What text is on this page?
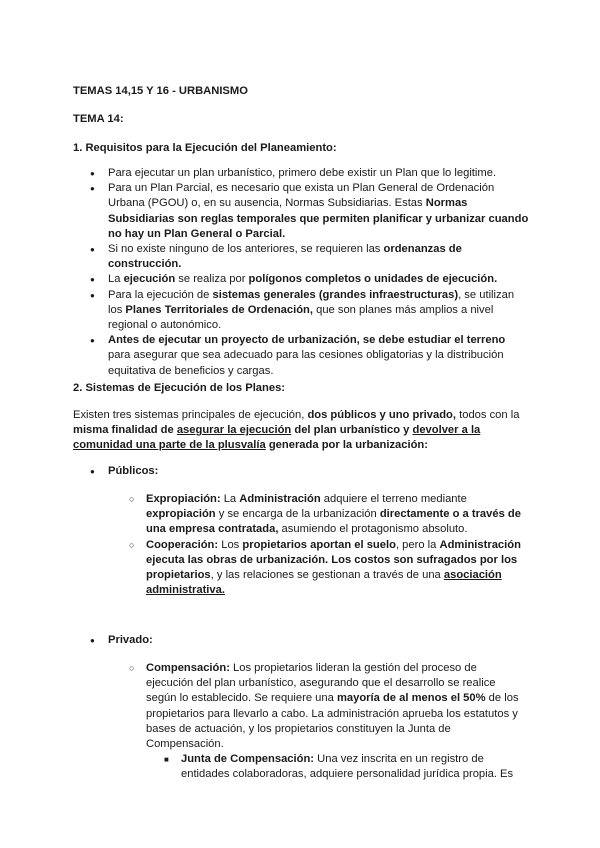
TEMAS 14,15 Y 16 - URBANISMO
TEMA 14:
1. Requisitos para la Ejecución del Planeamiento:
● Para ejecutar un plan urbanístico, primero debe existir un Plan que lo legitime.
● Para un Plan Parcial, es necesario que exista un Plan General de Ordenación Urbana (PGOU) o, en su ausencia, Normas Subsidiarias. Estas Normas Subsidiarias son reglas temporales que permiten planificar y urbanizar cuando no hay un Plan General o Parcial.
● Si no existe ninguno de los anteriores, se requieren las ordenanzas de construcción.
● La ejecución se realiza por polígonos completos o unidades de ejecución.
● Para la ejecución de sistemas generales (grandes infraestructuras), se utilizan los Planes Territoriales de Ordenación, que son planes más amplios a nivel regional o autonómico.
● Antes de ejecutar un proyecto de urbanización, se debe estudiar el terreno para asegurar que sea adecuado para las cesiones obligatorias y la distribución equitativa de beneficios y cargas.
2. Sistemas de Ejecución de los Planes:

Existen tres sistemas principales de ejecución, dos públicos y uno privado, todos con la misma finalidad de asegurar la ejecución del plan urbanístico y devolver a la comunidad una parte de la plusvalía generada por la urbanización:

● Públicos:
○ Expropiación: La Administración adquiere el terreno mediante expropiación y se encarga de la urbanización directamente o a través de una empresa contratada, asumiendo el protagonismo absoluto.
○ Cooperación: Los propietarios aportan el suelo, pero la Administración ejecuta las obras de urbanización. Los costos son sufragados por los propietarios, y las relaciones se gestionan a través de una asociación administrativa.
● Privado:
○ Compensación: Los propietarios lideran la gestión del proceso de ejecución del plan urbanístico, asegurando que el desarrollo se realice según lo establecido. Se requiere una mayoría de al menos el 50% de los propietarios para llevarlo a cabo. La administración aprueba los estatutos y bases de actuación, y los propietarios constituyen la Junta de Compensación.
■ Junta de Compensación: Una vez inscrita en un registro de entidades colaboradoras, adquiere personalidad jurídica propia. Es
